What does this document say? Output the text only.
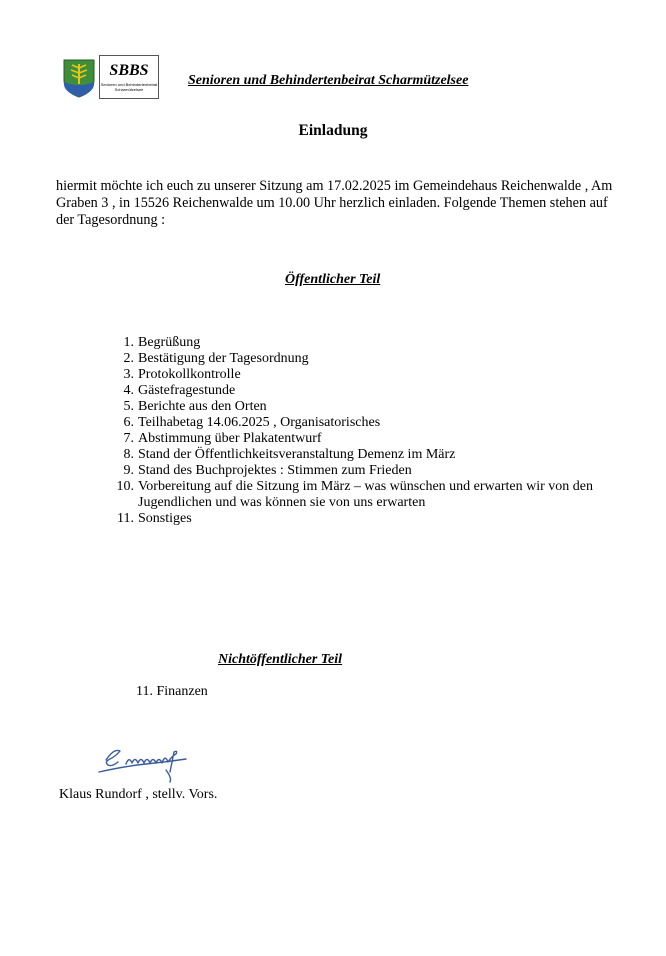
SBBS
Senioren und Behindertenbeirat
Scharmützelsee
Senioren und Behindertenbeirat Scharmützelsee
Einladung
hiermit möchte ich euch zu unserer Sitzung am 17.02.2025 im Gemeindehaus Reichenwalde , Am Graben 3 , in 15526 Reichenwalde um 10.00 Uhr herzlich einladen. Folgende Themen stehen auf der Tagesordnung :
Öffentlicher Teil
1. Begrüßung
2. Bestätigung der Tagesordnung
3. Protokollkontrolle
4. Gästefragestunde
5. Berichte aus den Orten
6. Teilhabetag 14.06.2025 , Organisatorisches
7. Abstimmung über Plakatentwurf
8. Stand der Öffentlichkeitsveranstaltung Demenz im März
9. Stand des Buchprojektes : Stimmen zum Frieden
10. Vorbereitung auf die Sitzung im März – was wünschen und erwarten wir von den Jugendlichen und was können sie von uns erwarten
11. Sonstiges
Nichtöffentlicher Teil
11. Finanzen
Klaus Rundorf , stellv. Vors.
